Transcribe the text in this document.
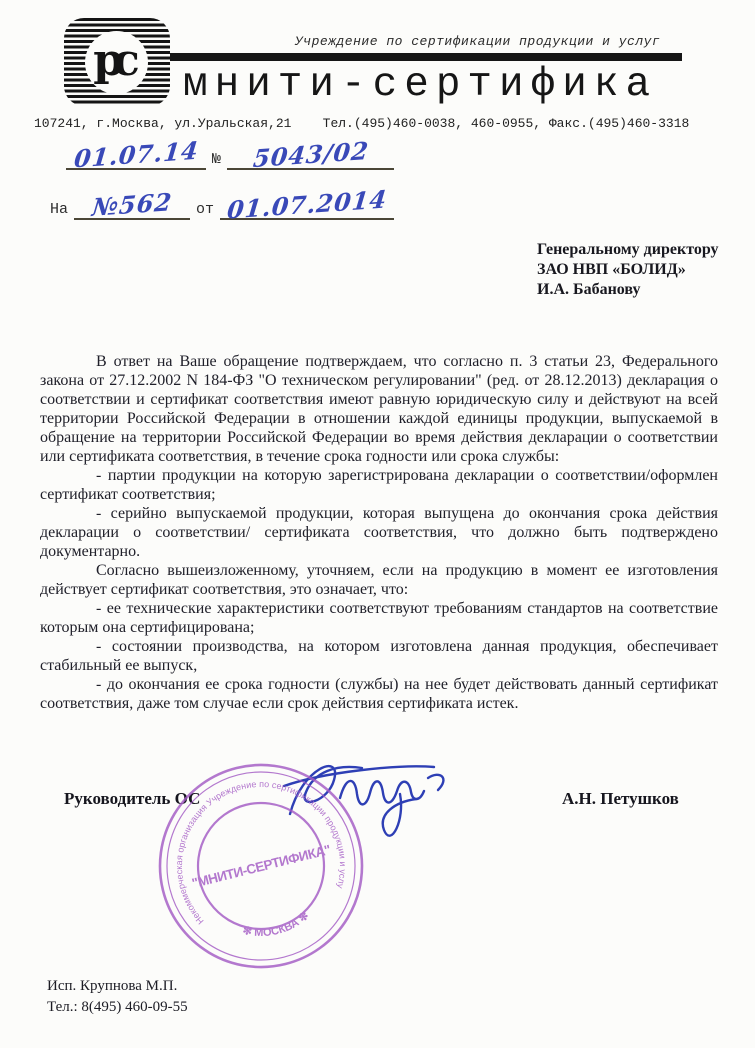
рс	Учреждение по сертификации продукции и услуг
мнити-сертифика
107241, г.Москва, ул.Уральская,21    Тел.(495)460-0038, 460-0955, Факс.(495)460-3318
01.07.14 №	5043/02
На №562	от 01.07.2014
Генеральному директору
ЗАО НВП «БОЛИД»
И.А. Бабанову

В ответ на Ваше обращение подтверждаем, что согласно п. 3 статьи 23, Федерального закона от 27.12.2002 N 184-ФЗ "О техническом регулировании" (ред. от 28.12.2013) декларация о соответствии и сертификат соответствия имеют равную юридическую силу и действуют на всей территории Российской Федерации в отношении каждой единицы продукции, выпускаемой в обращение на территории Российской Федерации во время действия декларации о соответствии или сертификата соответствия, в течение срока годности или срока службы:

- партии продукции на которую зарегистрирована декларации о соответствии/оформлен сертификат соответствия;

- серийно выпускаемой продукции, которая выпущена до окончания срока действия декларации о соответствии/ сертификата соответствия, что должно быть подтверждено документарно.

Согласно вышеизложенному, уточняем, если на продукцию в момент ее изготовления действует сертификат соответствия, это означает, что:

- ее технические характеристики соответствуют требованиям стандартов на соответствие которым она сертифицирована;

- состоянии производства, на котором изготовлена данная продукция, обеспечивает стабильный ее выпуск,

- до окончания ее срока годности (службы) на нее будет действовать данный сертификат соответствия, даже том случае если срок действия сертификата истек.

Руководитель ОС	А.Н. Петушков
Некоммерческая организация Учреждение по сертификации продукции и услуг
✻ МОСКВА ✻
"МНИТИ-СЕРТИФИКА"
Исп. Крупнова М.П.
Тел.: 8(495) 460-09-55
